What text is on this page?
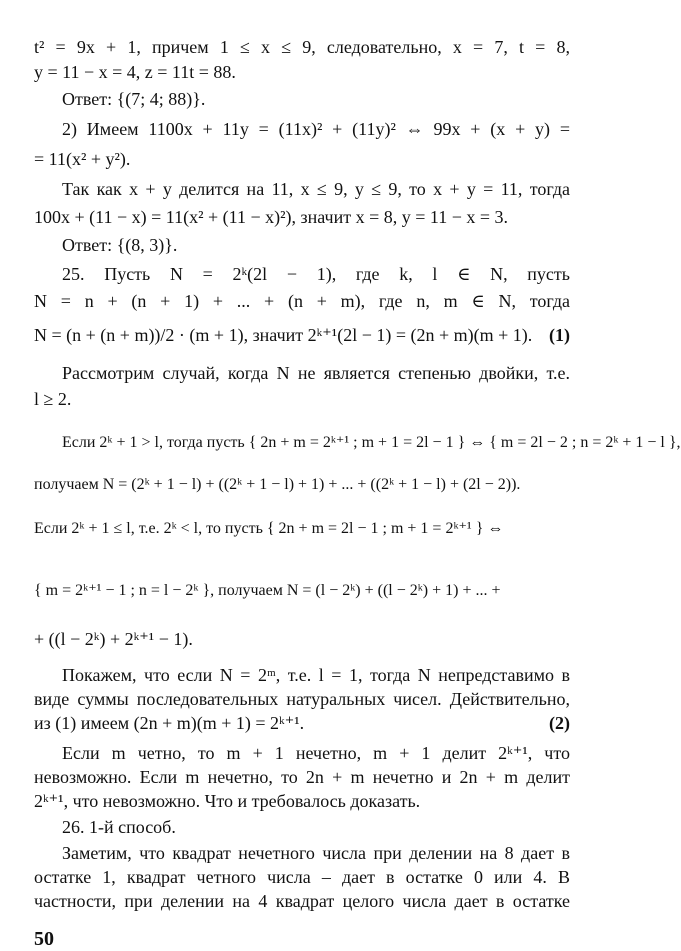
t² = 9x + 1, причем 1 ≤ x ≤ 9, следовательно, x = 7, t = 8,
y = 11 − x = 4, z = 11t = 88.
Ответ: {(7; 4; 88)}.
2) Имеем 1100x + 11y = (11x)² + (11y)² ⇔ 99x + (x + y) =
= 11(x² + y²).
Так как x + y делится на 11, x ≤ 9, y ≤ 9, то x + y = 11, тогда
100x + (11 − x) = 11(x² + (11 − x)²), значит x = 8, y = 11 − x = 3.
Ответ: {(8, 3)}.
25. Пусть N = 2ᵏ(2l − 1), где k, l ∈ N, пусть
N = n + (n + 1) + ... + (n + m), где n, m ∈ N, тогда
N = (n + (n + m))/2 · (m + 1), значит 2ᵏ⁺¹(2l − 1) = (2n + m)(m + 1). (1)
Рассмотрим случай, когда N не является степенью двойки, т.е.
l ≥ 2.
Если 2ᵏ + 1 > l, тогда пусть { 2n + m = 2ᵏ⁺¹ ; m + 1 = 2l − 1 } ⇔ { m = 2l − 2 ; n = 2ᵏ + 1 − l },
получаем N = (2ᵏ + 1 − l) + ((2ᵏ + 1 − l) + 1) + ... + ((2ᵏ + 1 − l) + (2l − 2)).
Если 2ᵏ + 1 ≤ l, т.е. 2ᵏ < l, то пусть { 2n + m = 2l − 1 ; m + 1 = 2ᵏ⁺¹ } ⇔
{ m = 2ᵏ⁺¹ − 1 ; n = l − 2ᵏ }, получаем N = (l − 2ᵏ) + ((l − 2ᵏ) + 1) + ... +
+ ((l − 2ᵏ) + 2ᵏ⁺¹ − 1).
Покажем, что если N = 2ᵐ, т.е. l = 1, тогда N непредставимо в
виде суммы последовательных натуральных чисел. Действительно,
из (1) имеем (2n + m)(m + 1) = 2ᵏ⁺¹.	(2)
Если m четно, то m + 1 нечетно, m + 1 делит 2ᵏ⁺¹, что
невозможно. Если m нечетно, то 2n + m нечетно и 2n + m делит
2ᵏ⁺¹, что невозможно. Что и требовалось доказать.
26. 1-й способ.
Заметим, что квадрат нечетного числа при делении на 8 дает в
остатке 1, квадрат четного числа – дает в остатке 0 или 4. В
частности, при делении на 4 квадрат целого числа дает в остатке
50
